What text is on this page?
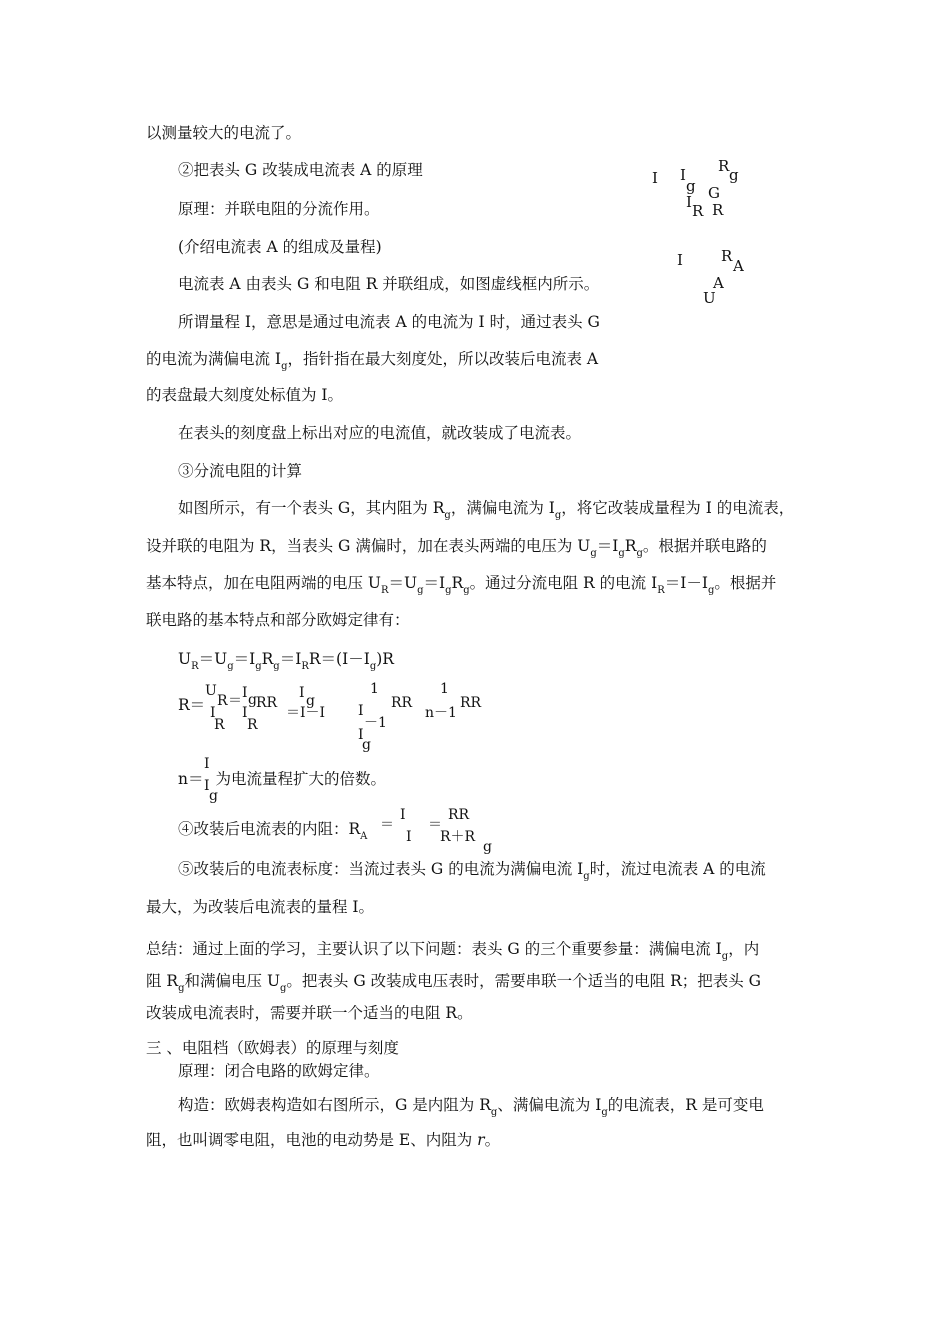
以测量较大的电流了。
②把表头 G 改装成电流表 A 的原理
原理：并联电阻的分流作用。
(介绍电流表 A 的组成及量程)
电流表 A 由表头 G 和电阻 R 并联组成，如图虚线框内所示。
所谓量程 I，意思是通过电流表 A 的电流为 I 时，通过表头 G
的电流为满偏电流 $I_g$，指针指在最大刻度处，所以改装后电流表 A
的表盘最大刻度处标值为 I。
在表头的刻度盘上标出对应的电流值，就改装成了电流表。
③分流电阻的计算
如图所示，有一个表头 G，其内阻为 $R_g$，满偏电流为 $I_g$，将它改装成量程为 I 的电流表，
设并联的电阻为 R，当表头 G 满偏时，加在表头两端的电压为 $U_g=I_gR_g$。根据并联电路的
基本特点，加在电阻两端的电压 $U_R=U_g=I_gR_g$。通过分流电阻 R 的电流 $I_R=I-I_g$。根据并
联电路的基本特点和部分欧姆定律有：
$U_R=U_g=I_gR_g=I_RR=(I-I_g)R$
R＝
U
R
I
R
＝ I g
I
R
RR
I g
＝I－I
1
I
－1
I
g
RR
1
n－1
RR
n＝ 为电流量程扩大的倍数。
I
I
g
④改装后电流表的内阻：$R_A$
＝
I
I
＝
RR
R＋R
g
⑤改装后的电流表标度：当流过表头 G 的电流为满偏电流 $I_g$时，流过电流表 A 的电流
最大，为改装后电流表的量程 I。
总结：通过上面的学习，主要认识了以下问题：表头 G 的三个重要参量：满偏电流 $I_g$，内
阻 $R_g$和满偏电压 $U_g$。把表头 G 改装成电压表时，需要串联一个适当的电阻 R；把表头 G
改装成电流表时，需要并联一个适当的电阻 R。
三 、电阻档（欧姆表）的原理与刻度
原理：闭合电路的欧姆定律。
构造：欧姆表构造如右图所示，G 是内阻为 $R_g$、满偏电流为 $I_g$的电流表，R 是可变电
阻，也叫调零电阻，电池的电动势是 E、内阻为 r。
I I
g
R g
G
I R R
I	R
A
A
U
